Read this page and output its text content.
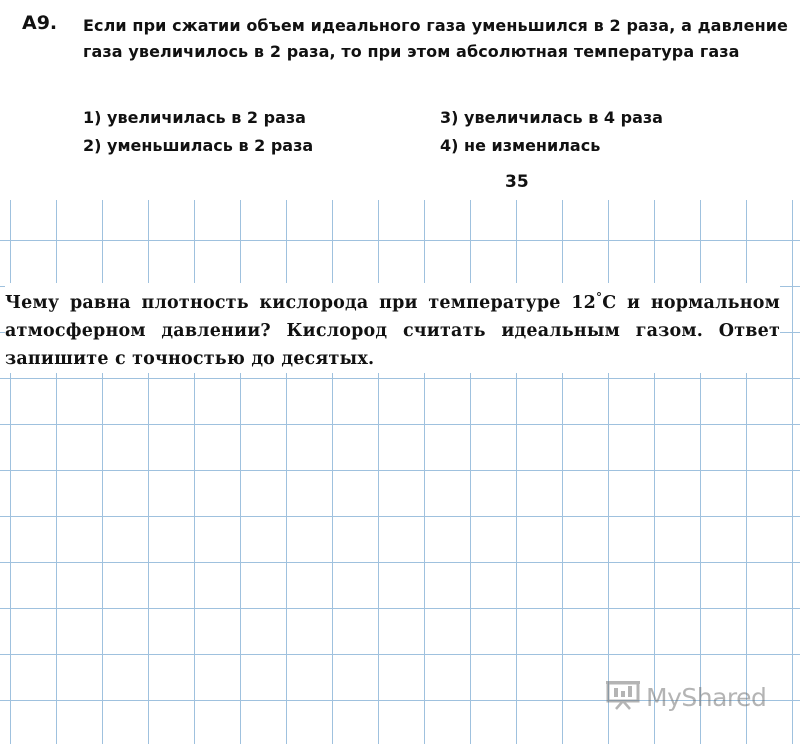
А9. Если при сжатии объем идеального газа уменьшился в 2 раза, а давление газа увеличилось в 2 раза, то при этом абсолютная температура газа
1) увеличилась в 2 раза
2) уменьшилась в 2 раза
3) увеличилась в 4 раза
4) не изменилась
35
Чему равна плотность кислорода при температуре 12°С и нормальном атмосферном давлении? Кислород считать идеальным газом. Ответ запишите с точностью до десятых.
MyShared
